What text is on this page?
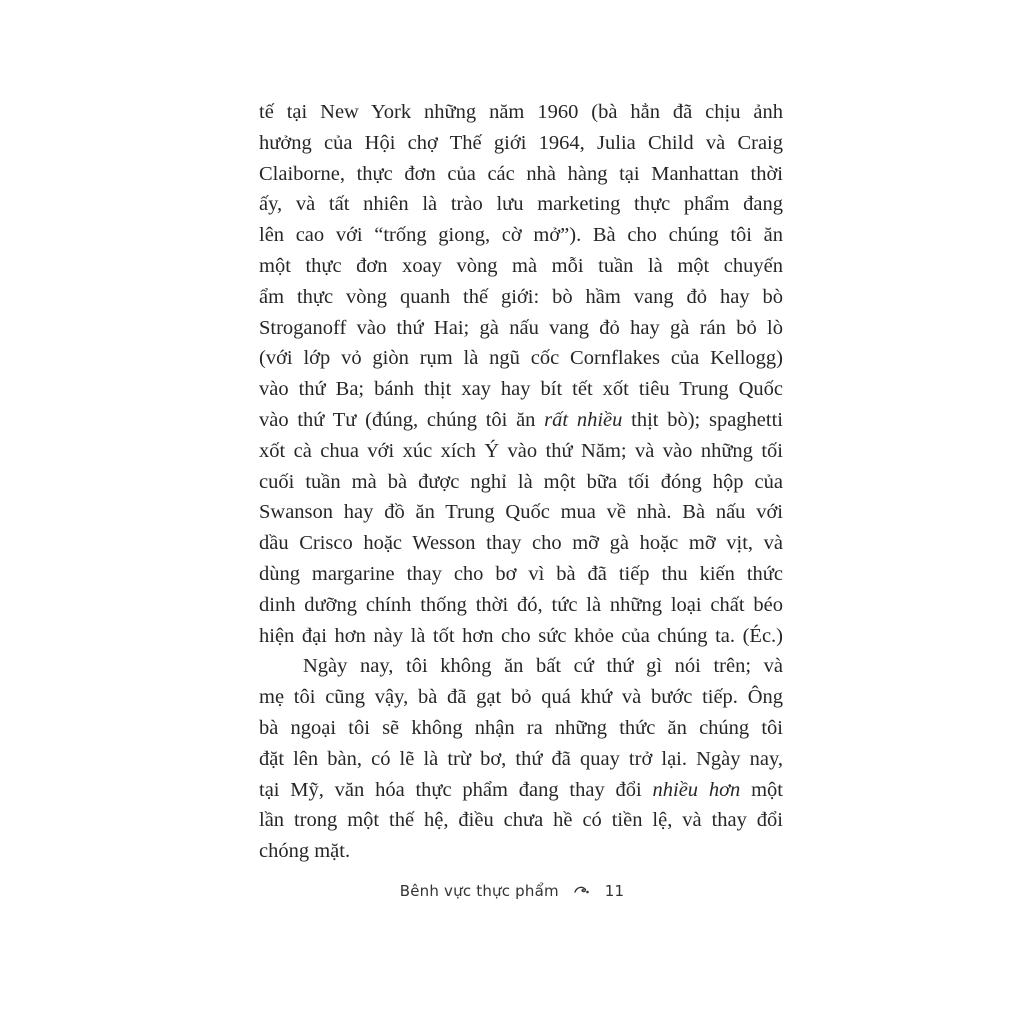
tế tại New York những năm 1960 (bà hẳn đã chịu ảnh
hưởng của Hội chợ Thế giới 1964, Julia Child và Craig
Claiborne, thực đơn của các nhà hàng tại Manhattan thời
ấy, và tất nhiên là trào lưu marketing thực phẩm đang
lên cao với “trống giong, cờ mở”). Bà cho chúng tôi ăn
một thực đơn xoay vòng mà mỗi tuần là một chuyến
ẩm thực vòng quanh thế giới: bò hầm vang đỏ hay bò
Stroganoff vào thứ Hai; gà nấu vang đỏ hay gà rán bỏ lò
(với lớp vỏ giòn rụm là ngũ cốc Cornflakes của Kellogg)
vào thứ Ba; bánh thịt xay hay bít tết xốt tiêu Trung Quốc
vào thứ Tư (đúng, chúng tôi ăn rất nhiều thịt bò); spaghetti
xốt cà chua với xúc xích Ý vào thứ Năm; và vào những tối
cuối tuần mà bà được nghỉ là một bữa tối đóng hộp của
Swanson hay đồ ăn Trung Quốc mua về nhà. Bà nấu với
dầu Crisco hoặc Wesson thay cho mỡ gà hoặc mỡ vịt, và
dùng margarine thay cho bơ vì bà đã tiếp thu kiến thức
dinh dưỡng chính thống thời đó, tức là những loại chất béo
hiện đại hơn này là tốt hơn cho sức khỏe của chúng ta. (Éc.)
Ngày nay, tôi không ăn bất cứ thứ gì nói trên; và
mẹ tôi cũng vậy, bà đã gạt bỏ quá khứ và bước tiếp. Ông
bà ngoại tôi sẽ không nhận ra những thức ăn chúng tôi
đặt lên bàn, có lẽ là trừ bơ, thứ đã quay trở lại. Ngày nay,
tại Mỹ, văn hóa thực phẩm đang thay đổi nhiều hơn một
lần trong một thế hệ, điều chưa hề có tiền lệ, và thay đổi
chóng mặt.
Bênh vực thực phẩm	11
